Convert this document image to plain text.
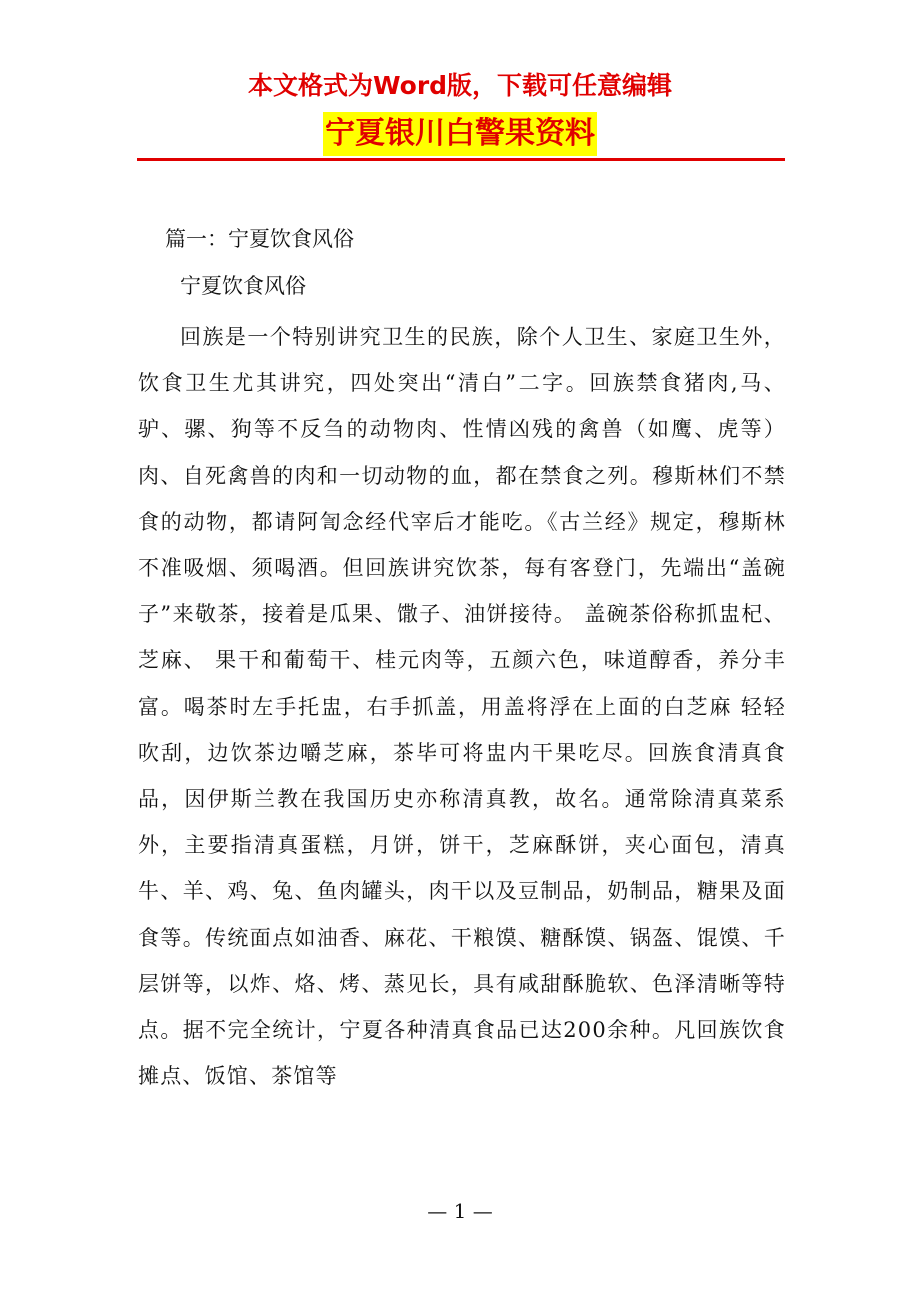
本文格式为Word版，下载可任意编辑
宁夏银川白警果资料
篇一：宁夏饮食风俗
宁夏饮食风俗
回族是一个特别讲究卫生的民族，除个人卫生、家庭卫生外，饮食卫生尤其讲究，四处突出“清白”二字。回族禁食猪肉,马、驴、骡、狗等不反刍的动物肉、性情凶残的禽兽（如鹰、虎等）肉、自死禽兽的肉和一切动物的血，都在禁食之列。穆斯林们不禁食的动物，都请阿訇念经代宰后才能吃。《古兰经》规定，穆斯林不准吸烟、须喝酒。但回族讲究饮茶，每有客登门，先端出“盖碗子”来敬茶，接着是瓜果、馓子、油饼接待。 盖碗茶俗称抓盅杞、芝麻、 果干和葡萄干、桂元肉等，五颜六色，味道醇香，养分丰富。喝茶时左手托盅，右手抓盖，用盖将浮在上面的白芝麻 轻轻吹刮，边饮茶边嚼芝麻，茶毕可将盅内干果吃尽。回族食清真食品，因伊斯兰教在我国历史亦称清真教，故名。通常除清真菜系外，主要指清真蛋糕，月饼，饼干，芝麻酥饼，夹心面包，清真牛、羊、鸡、兔、鱼肉罐头，肉干以及豆制品，奶制品，糖果及面食等。传统面点如油香、麻花、干粮馍、糖酥馍、锅盔、馄馍、千层饼等，以炸、烙、烤、蒸见长，具有咸甜酥脆软、色泽清晰等特点。据不完全统计，宁夏各种清真食品已达200余种。凡回族饮食摊点、饭馆、茶馆等
— 1 —
